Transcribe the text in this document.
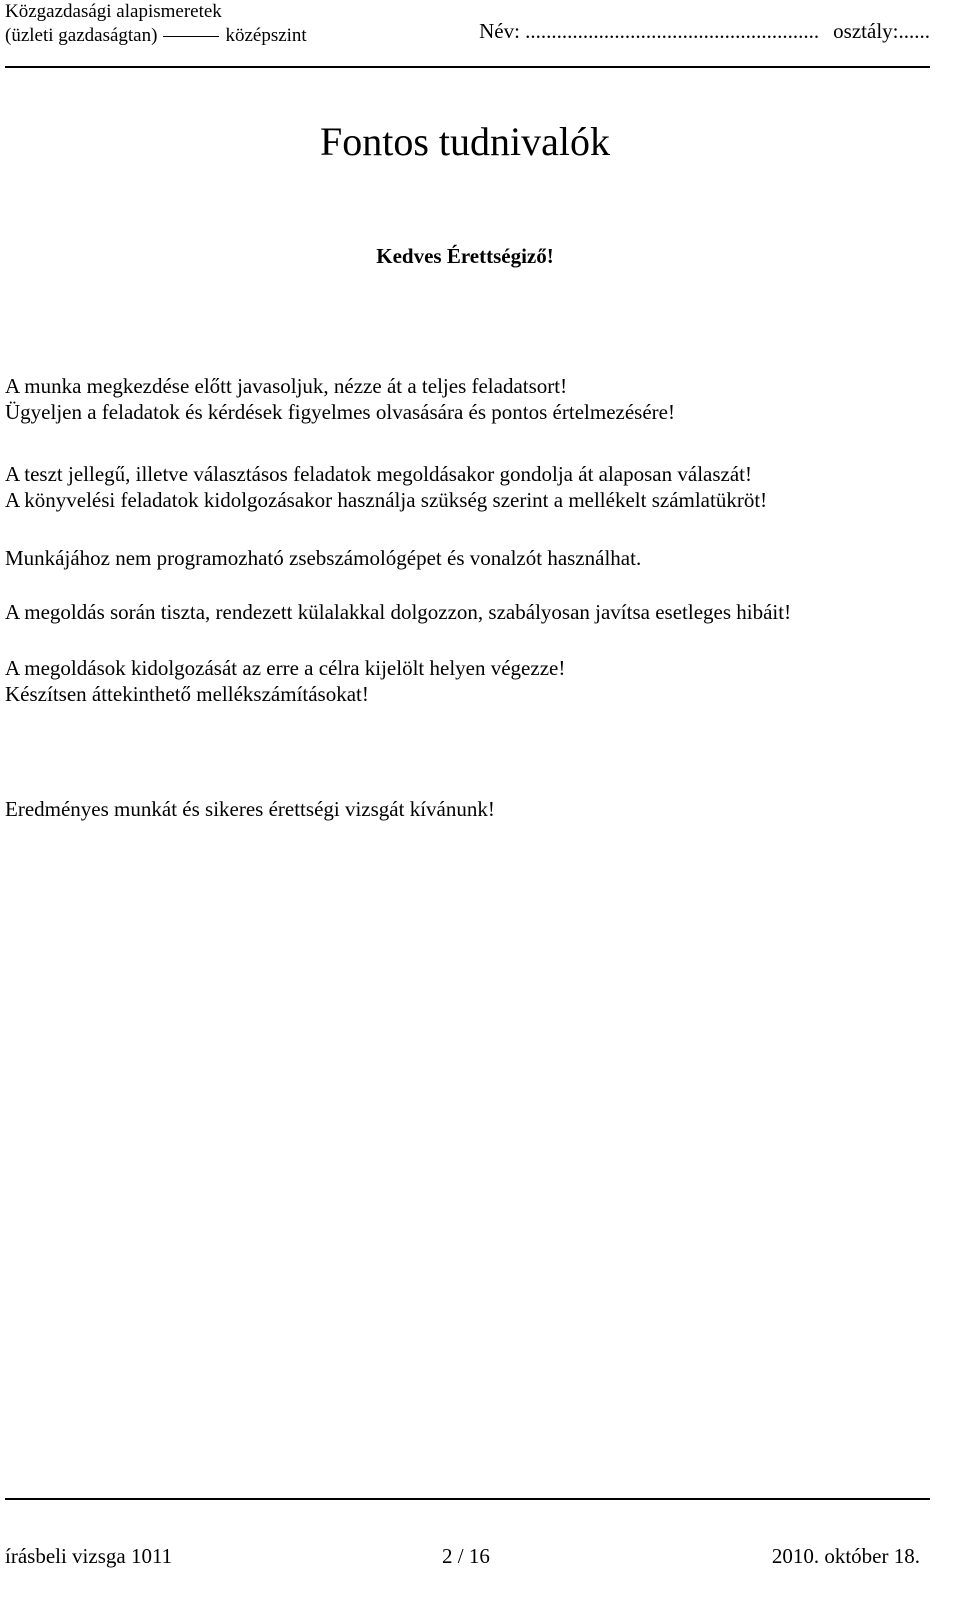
Közgazdasági alapismeretek
(üzleti gazdaságtan)	középszint	Név: ........................................................ osztály:......
Fontos tudnivalók
Kedves Érettségiző!

A munka megkezdése előtt javasoljuk, nézze át a teljes feladatsort!
Ügyeljen a feladatok és kérdések figyelmes olvasására és pontos értelmezésére!

A teszt jellegű, illetve választásos feladatok megoldásakor gondolja át alaposan válaszát!
A könyvelési feladatok kidolgozásakor használja szükség szerint a mellékelt számlatükröt!

Munkájához nem programozható zsebszámológépet és vonalzót használhat.

A megoldás során tiszta, rendezett külalakkal dolgozzon, szabályosan javítsa esetleges hibáit!

A megoldások kidolgozását az erre a célra kijelölt helyen végezze!
Készítsen áttekinthető mellékszámításokat!

Eredményes munkát és sikeres érettségi vizsgát kívánunk!

írásbeli vizsga 1011	2 / 16	2010. október 18.
